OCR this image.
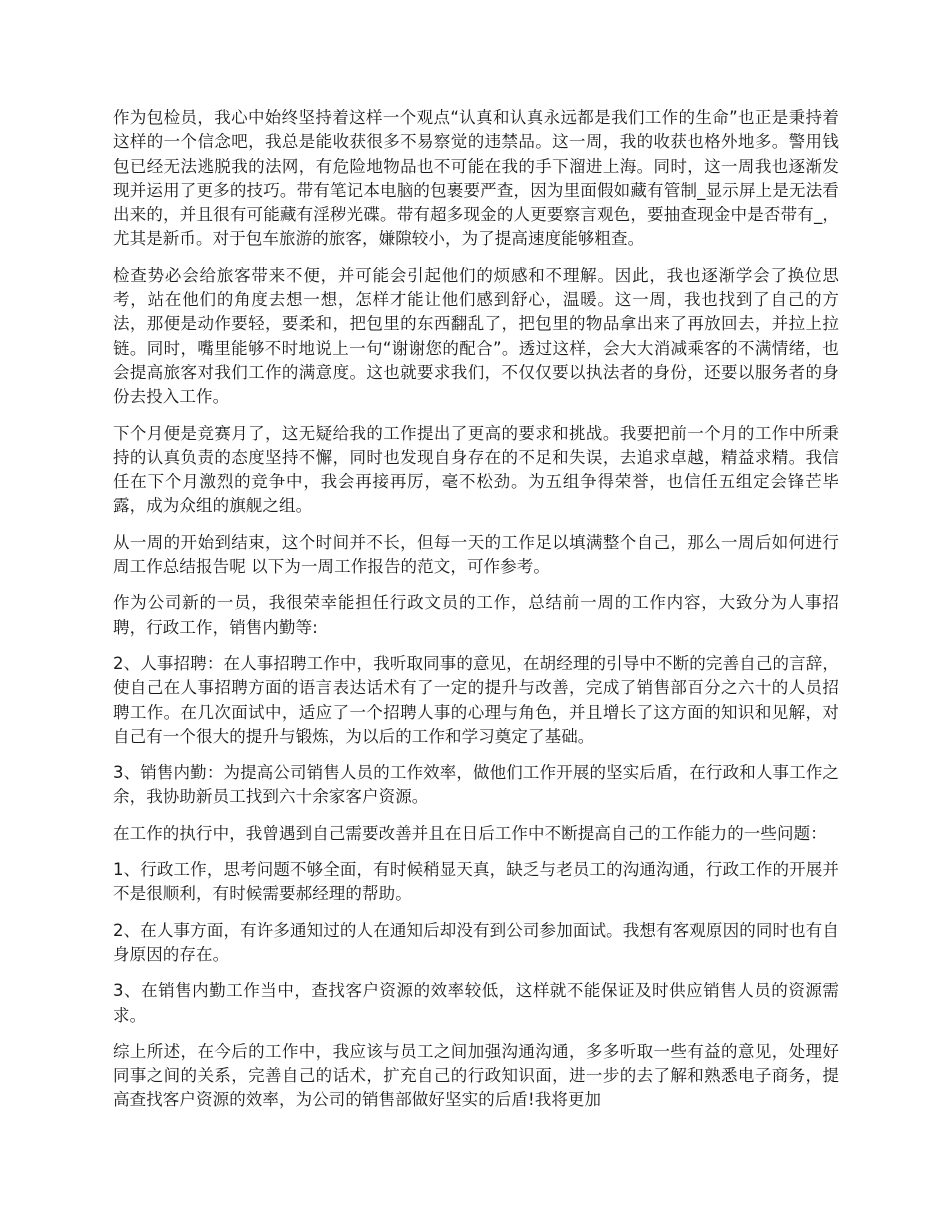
作为包检员，我心中始终坚持着这样一个观点“认真和认真永远都是我们工作的生命”也正是秉持着这样的一个信念吧，我总是能收获很多不易察觉的违禁品。这一周，我的收获也格外地多。警用钱包已经无法逃脱我的法网，有危险地物品也不可能在我的手下溜进上海。同时，这一周我也逐渐发现并运用了更多的技巧。带有笔记本电脑的包裹要严查，因为里面假如藏有管制_显示屏上是无法看出来的，并且很有可能藏有淫秽光碟。带有超多现金的人更要察言观色，要抽查现金中是否带有_，尤其是新币。对于包车旅游的旅客，嫌隙较小，为了提高速度能够粗查。

检查势必会给旅客带来不便，并可能会引起他们的烦感和不理解。因此，我也逐渐学会了换位思考，站在他们的角度去想一想，怎样才能让他们感到舒心，温暖。这一周，我也找到了自己的方法，那便是动作要轻，要柔和，把包里的东西翻乱了，把包里的物品拿出来了再放回去，并拉上拉链。同时，嘴里能够不时地说上一句“谢谢您的配合”。透过这样，会大大消减乘客的不满情绪，也会提高旅客对我们工作的满意度。这也就要求我们，不仅仅要以执法者的身份，还要以服务者的身份去投入工作。

下个月便是竞赛月了，这无疑给我的工作提出了更高的要求和挑战。我要把前一个月的工作中所秉持的认真负责的态度坚持不懈，同时也发现自身存在的不足和失误，去追求卓越，精益求精。我信任在下个月激烈的竞争中，我会再接再厉，毫不松劲。为五组争得荣誉，也信任五组定会锋芒毕露，成为众组的旗舰之组。

从一周的开始到结束，这个时间并不长，但每一天的工作足以填满整个自己，那么一周后如何进行周工作总结报告呢 以下为一周工作报告的范文，可作参考。

作为公司新的一员，我很荣幸能担任行政文员的工作，总结前一周的工作内容，大致分为人事招聘，行政工作，销售内勤等:

2、人事招聘：在人事招聘工作中，我听取同事的意见，在胡经理的引导中不断的完善自己的言辞，使自己在人事招聘方面的语言表达话术有了一定的提升与改善，完成了销售部百分之六十的人员招聘工作。在几次面试中，适应了一个招聘人事的心理与角色，并且增长了这方面的知识和见解，对自己有一个很大的提升与锻炼，为以后的工作和学习奠定了基础。

3、销售内勤：为提高公司销售人员的工作效率，做他们工作开展的坚实后盾，在行政和人事工作之余，我协助新员工找到六十余家客户资源。

在工作的执行中，我曾遇到自己需要改善并且在日后工作中不断提高自己的工作能力的一些问题：

1、行政工作，思考问题不够全面，有时候稍显天真，缺乏与老员工的沟通沟通，行政工作的开展并不是很顺利，有时候需要郝经理的帮助。

2、在人事方面，有许多通知过的人在通知后却没有到公司参加面试。我想有客观原因的同时也有自身原因的存在。

3、在销售内勤工作当中，查找客户资源的效率较低，这样就不能保证及时供应销售人员的资源需求。

综上所述，在今后的工作中，我应该与员工之间加强沟通沟通，多多听取一些有益的意见，处理好同事之间的关系，完善自己的话术，扩充自己的行政知识面，进一步的去了解和熟悉电子商务，提高查找客户资源的效率，为公司的销售部做好坚实的后盾!我将更加
